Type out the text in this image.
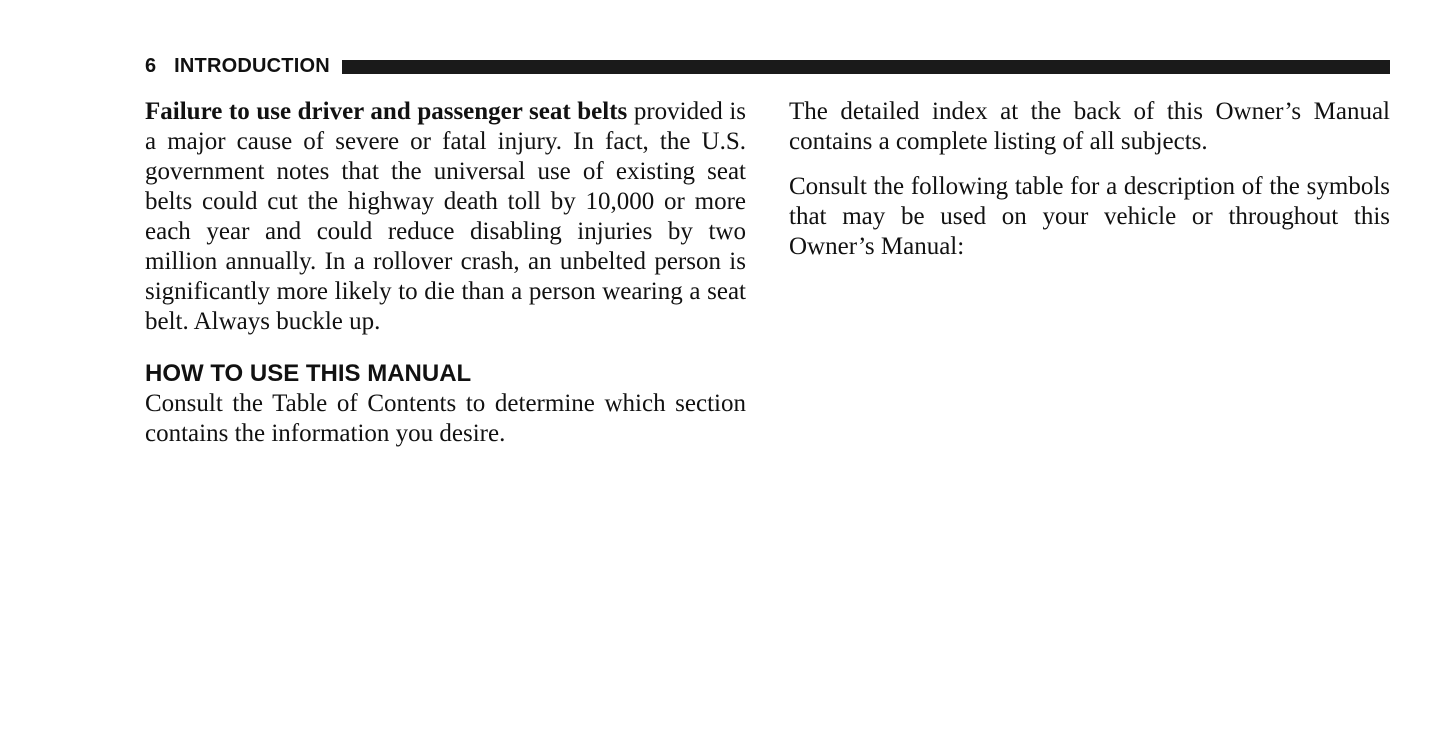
6 INTRODUCTION

Failure to use driver and passenger seat belts provided is a major cause of severe or fatal injury. In fact, the U.S. government notes that the universal use of existing seat belts could cut the highway death toll by 10,000 or more each year and could reduce disabling injuries by two million annually. In a rollover crash, an unbelted person is significantly more likely to die than a person wearing a seat belt. Always buckle up.

HOW TO USE THIS MANUAL

Consult the Table of Contents to determine which section contains the information you desire.

The detailed index at the back of this Owner’s Manual contains a complete listing of all subjects.

Consult the following table for a description of the symbols that may be used on your vehicle or throughout this Owner’s Manual:
